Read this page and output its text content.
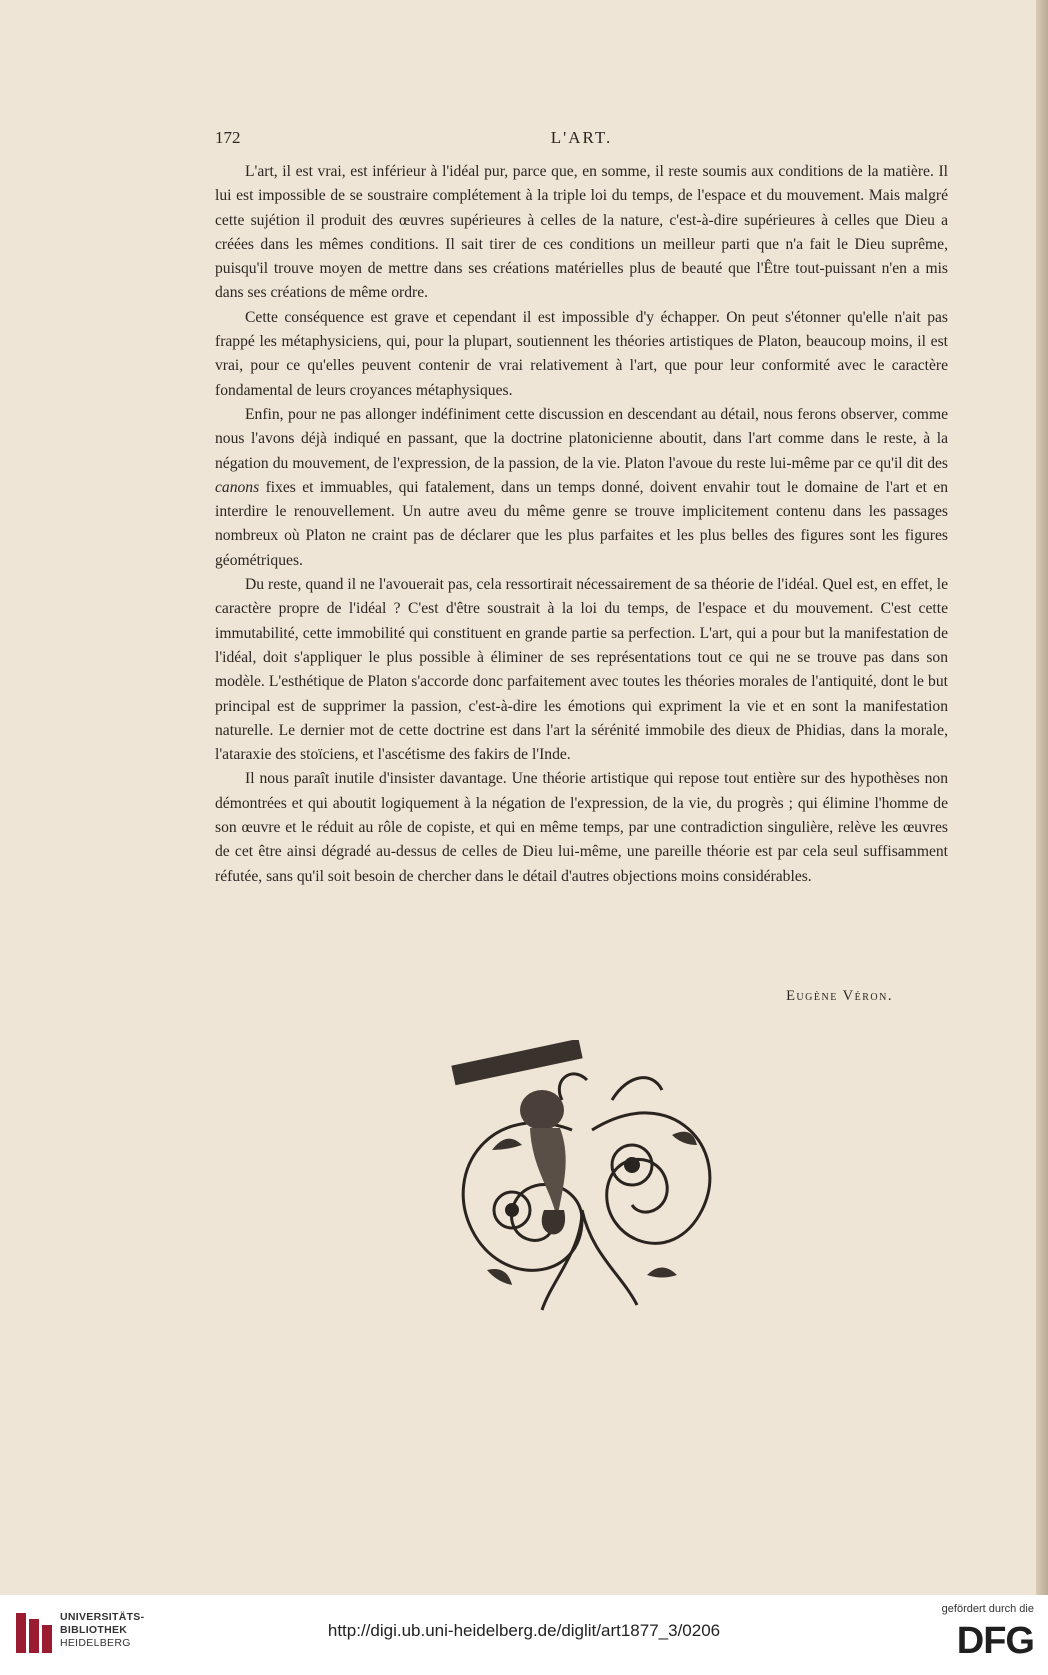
172	L'ART.

L'art, il est vrai, est inférieur à l'idéal pur, parce que, en somme, il reste soumis aux conditions de la matière. Il lui est impossible de se soustraire complétement à la triple loi du temps, de l'espace et du mouvement. Mais malgré cette sujétion il produit des œuvres supérieures à celles de la nature, c'est-à-dire supérieures à celles que Dieu a créées dans les mêmes conditions. Il sait tirer de ces conditions un meilleur parti que n'a fait le Dieu suprême, puisqu'il trouve moyen de mettre dans ses créations matérielles plus de beauté que l'Être tout-puissant n'en a mis dans ses créations de même ordre.

Cette conséquence est grave et cependant il est impossible d'y échapper. On peut s'étonner qu'elle n'ait pas frappé les métaphysiciens, qui, pour la plupart, soutiennent les théories artistiques de Platon, beaucoup moins, il est vrai, pour ce qu'elles peuvent contenir de vrai relativement à l'art, que pour leur conformité avec le caractère fondamental de leurs croyances métaphysiques.

Enfin, pour ne pas allonger indéfiniment cette discussion en descendant au détail, nous ferons observer, comme nous l'avons déjà indiqué en passant, que la doctrine platonicienne aboutit, dans l'art comme dans le reste, à la négation du mouvement, de l'expression, de la passion, de la vie. Platon l'avoue du reste lui-même par ce qu'il dit des canons fixes et immuables, qui fatalement, dans un temps donné, doivent envahir tout le domaine de l'art et en interdire le renouvellement. Un autre aveu du même genre se trouve implicitement contenu dans les passages nombreux où Platon ne craint pas de déclarer que les plus parfaites et les plus belles des figures sont les figures géométriques.

Du reste, quand il ne l'avouerait pas, cela ressortirait nécessairement de sa théorie de l'idéal. Quel est, en effet, le caractère propre de l'idéal ? C'est d'être soustrait à la loi du temps, de l'espace et du mouvement. C'est cette immutabilité, cette immobilité qui constituent en grande partie sa perfection. L'art, qui a pour but la manifestation de l'idéal, doit s'appliquer le plus possible à éliminer de ses représentations tout ce qui ne se trouve pas dans son modèle. L'esthétique de Platon s'accorde donc parfaitement avec toutes les théories morales de l'antiquité, dont le but principal est de supprimer la passion, c'est-à-dire les émotions qui expriment la vie et en sont la manifestation naturelle. Le dernier mot de cette doctrine est dans l'art la sérénité immobile des dieux de Phidias, dans la morale, l'ataraxie des stoïciens, et l'ascétisme des fakirs de l'Inde.

Il nous paraît inutile d'insister davantage. Une théorie artistique qui repose tout entière sur des hypothèses non démontrées et qui aboutit logiquement à la négation de l'expression, de la vie, du progrès ; qui élimine l'homme de son œuvre et le réduit au rôle de copiste, et qui en même temps, par une contradiction singulière, relève les œuvres de cet être ainsi dégradé au-dessus de celles de Dieu lui-même, une pareille théorie est par cela seul suffisamment réfutée, sans qu'il soit besoin de chercher dans le détail d'autres objections moins considérables.

Eugène Véron.
UNIVERSITÄTS-
BIBLIOTHEK
HEIDELBERG
http://digi.ub.uni-heidelberg.de/diglit/art1877_3/0206
gefördert durch die
DFG
